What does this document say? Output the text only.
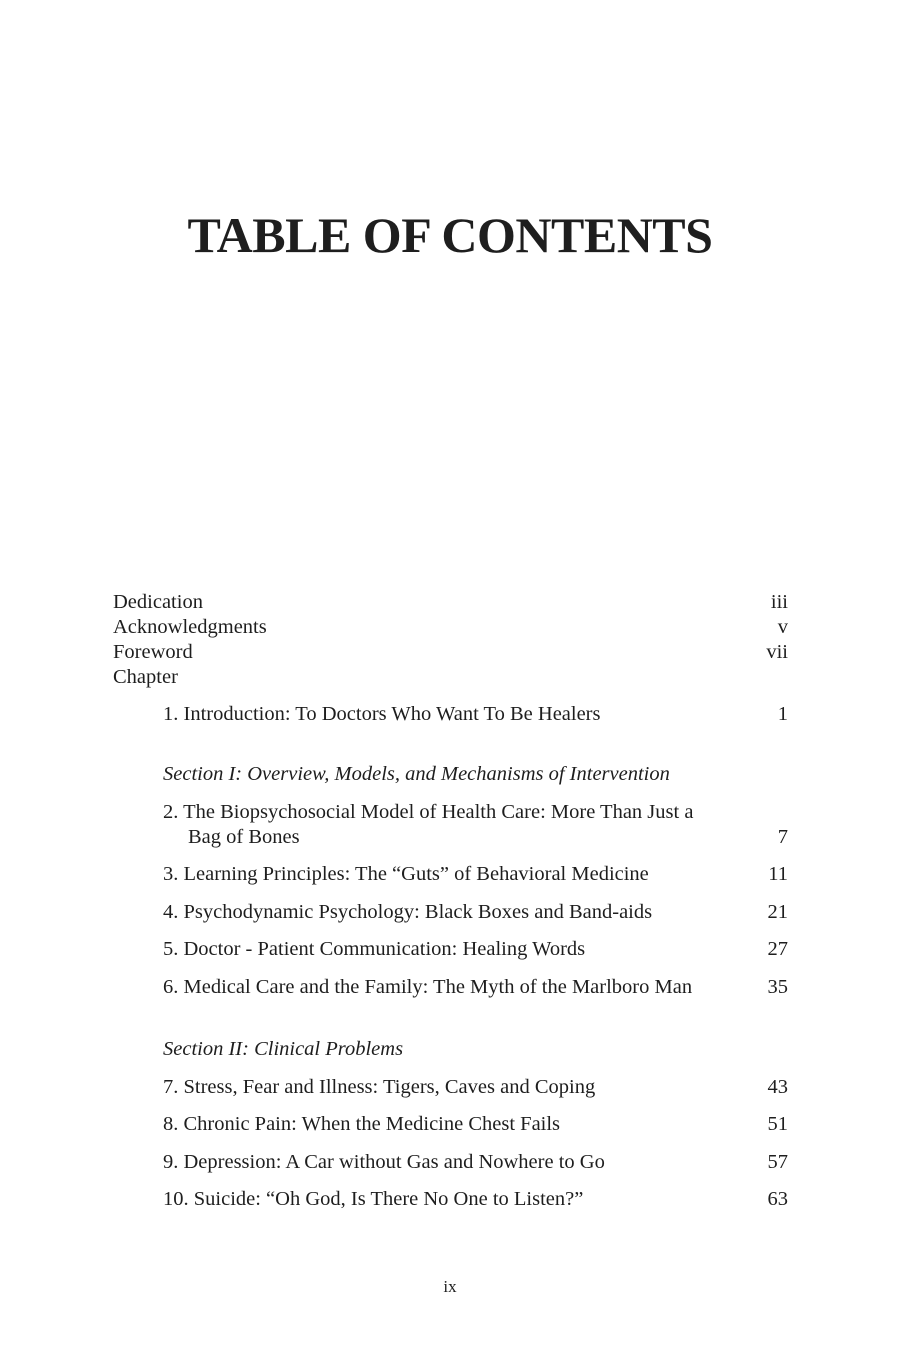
TABLE OF CONTENTS
Dedication	iii
Acknowledgments	v
Foreword	vii
Chapter
1. Introduction: To Doctors Who Want To Be Healers	1
Section I: Overview, Models, and Mechanisms of Intervention
2. The Biopsychosocial Model of Health Care: More Than Just a
Bag of Bones	7
3. Learning Principles: The “Guts” of Behavioral Medicine	11
4. Psychodynamic Psychology: Black Boxes and Band-aids	21
5. Doctor - Patient Communication: Healing Words	27
6. Medical Care and the Family: The Myth of the Marlboro Man	35
Section II: Clinical Problems
7. Stress, Fear and Illness: Tigers, Caves and Coping	43
8. Chronic Pain: When the Medicine Chest Fails	51
9. Depression: A Car without Gas and Nowhere to Go	57
10. Suicide: “Oh God, Is There No One to Listen?”	63
ix
